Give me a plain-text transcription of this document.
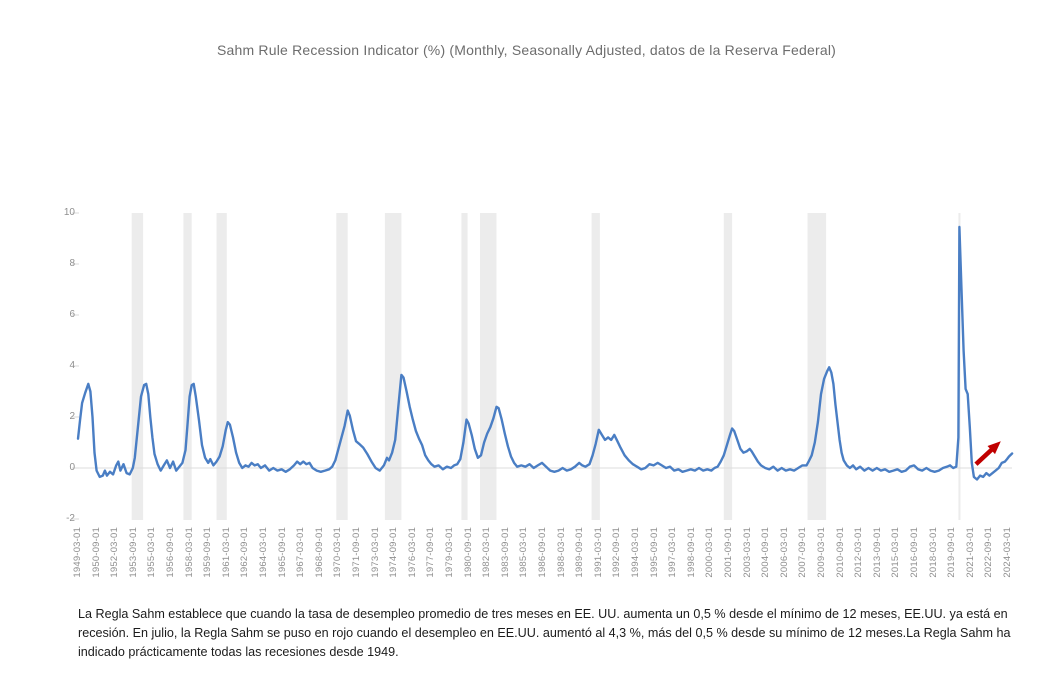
Sahm Rule Recession Indicator (%) (Monthly, Seasonally Adjusted, datos de la Reserva Federal)
10
8
6
4
2
0
-2
1949-03-01 1950-09-01 1952-03-01 1953-09-01 1955-03-01 1956-09-01 1958-03-01 1959-09-01 1961-03-01 1962-09-01 1964-03-01 1965-09-01 1967-03-01 1968-09-01 1970-03-01 1971-09-01 1973-03-01 1974-09-01 1976-03-01 1977-09-01 1979-03-01 1980-09-01 1982-03-01 1983-09-01 1985-03-01 1986-09-01 1988-03-01 1989-09-01 1991-03-01 1992-09-01 1994-03-01 1995-09-01 1997-03-01 1998-09-01 2000-03-01 2001-09-01 2003-03-01 2004-09-01 2006-03-01 2007-09-01 2009-03-01 2010-09-01 2012-03-01 2013-09-01 2015-03-01 2016-09-01 2018-03-01 2019-09-01 2021-03-01 2022-09-01 2024-03-01
La Regla Sahm establece que cuando la tasa de desempleo promedio de tres meses en EE. UU. aumenta un 0,5 % desde el mínimo de 12 meses, EE.UU. ya está en
recesión. En julio, la Regla Sahm se puso en rojo cuando el desempleo en EE.UU. aumentó al 4,3 %, más del 0,5 % desde su mínimo de 12 meses.La Regla Sahm ha
indicado prácticamente todas las recesiones desde 1949.
